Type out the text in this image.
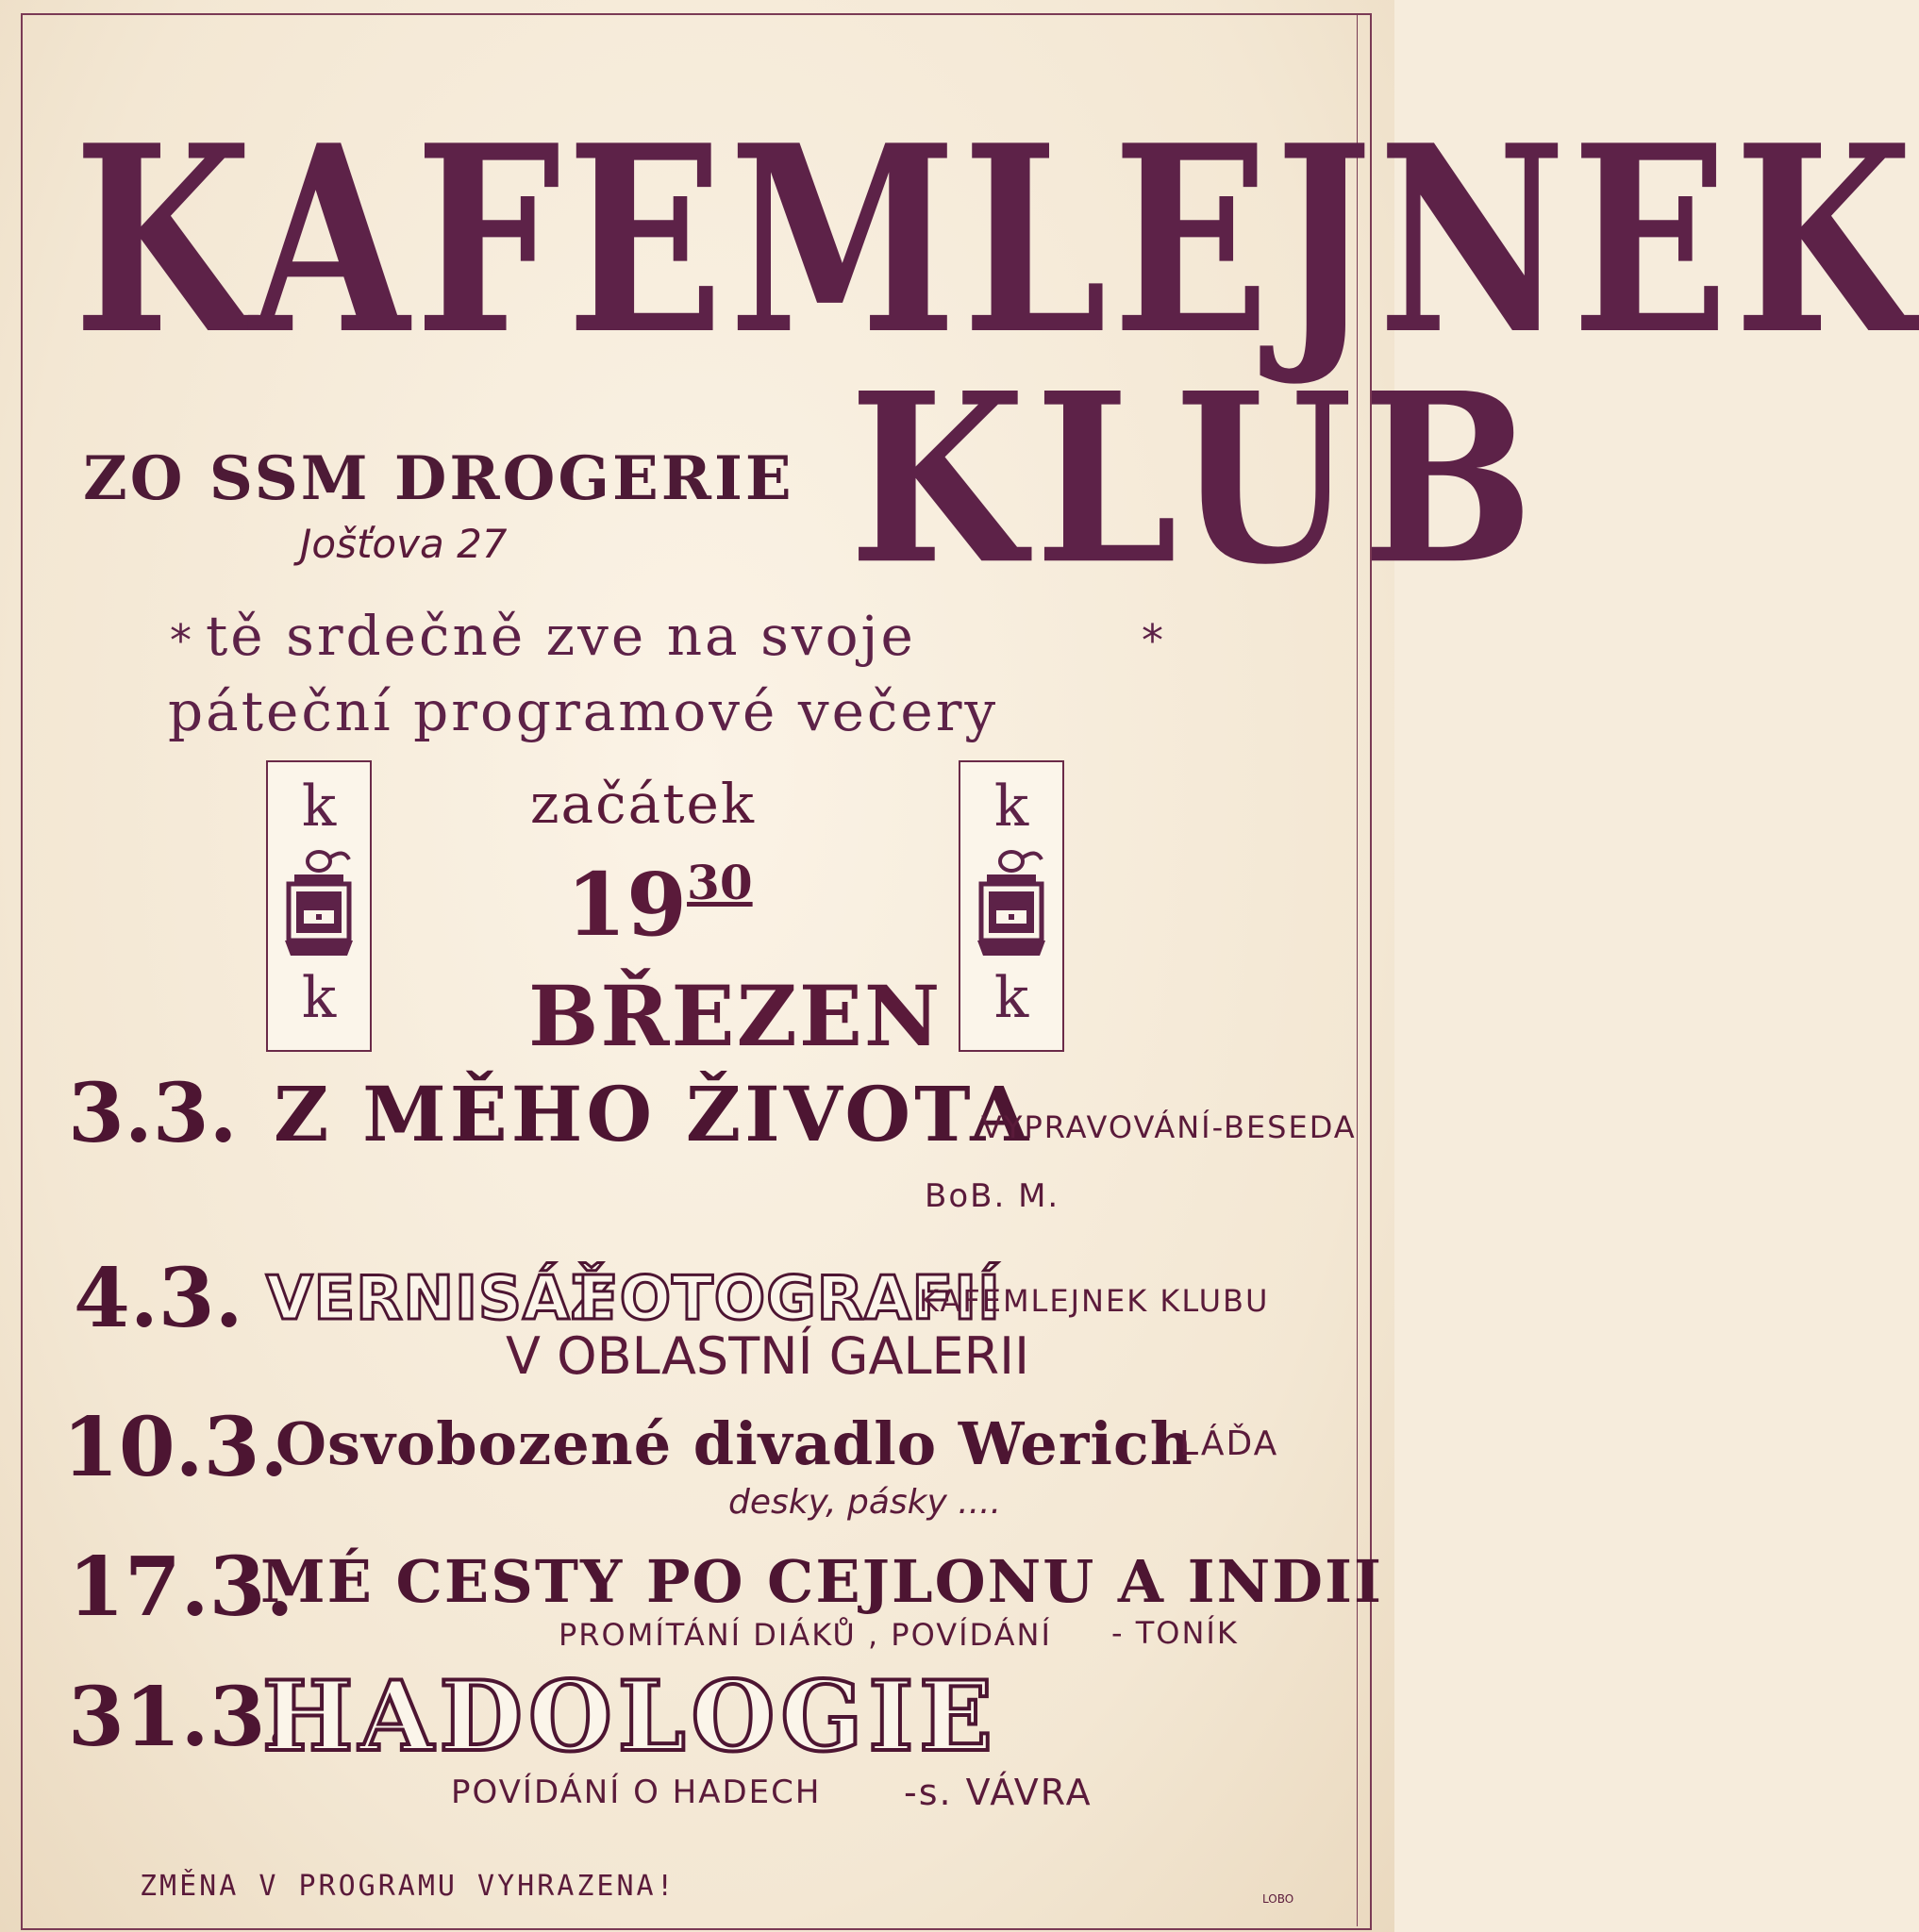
KAFEMLEJNEK
ZO SSM DROGERIE
Jošťova 27 KLUB
* tě srdečně zve na svoje	*
páteční programové večery
k
k
k
k
začátek
$19^{30}$
BŘEZEN
3.3. Z MĚHO ŽIVOTA
VYPRAVOVÁNÍ-BESEDA
BoB. M.
4.3. VERNISÁŽ
FOTOGRAFIÍ
KAFEMLEJNEK KLUBU
V OBLASTNÍ GALERII
10.3.
Osvobozené divadlo Werich
LÁĎA
desky, pásky ....
17.3.
MÉ CESTY PO CEJLONU A INDII
PROMÍTÁNÍ DIÁKŮ , POVÍDÁNÍ - TONÍK
31.3.
HADOLOGIE
POVÍDÁNÍ O HADECH -s. VÁVRA
ZMĚNA V PROGRAMU VYHRAZENA!	LOBO
